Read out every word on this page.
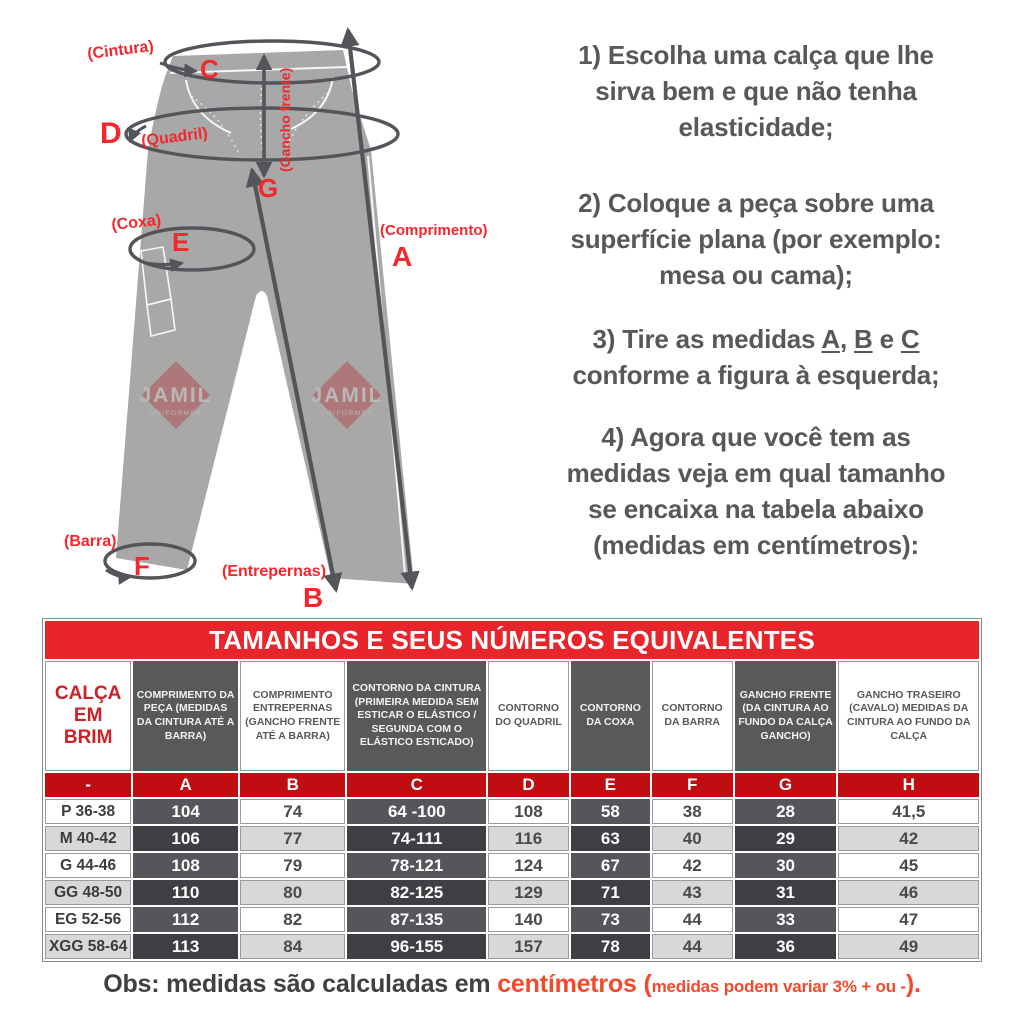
JAMIL
UNIFORMES
JAMIL
UNIFORMES
(Cintura)
C
D (Quadril)
(Coxa)
E
(Barra)
F
(Comprimento)
A
(Entrepernas)
B
(Gancho frente)
G
1) Escolha uma calça que lhe
sirva bem e que não tenha
elasticidade;
2) Coloque a peça sobre uma
superfície plana (por exemplo:
mesa ou cama);
3) Tire as medidas A, B e C
conforme a figura à esquerda;
4) Agora que você tem as
medidas veja em qual tamanho
se encaixa na tabela abaixo
(medidas em centímetros):
TAMANHOS E SEUS NÚMEROS EQUIVALENTES								
CALÇA EM BRIM	COMPRIMENTO DA PEÇA (MEDIDAS DA CINTURA ATÉ A BARRA)	COMPRIMENTO ENTREPERNAS (GANCHO FRENTE ATÉ A BARRA)	CONTORNO DA CINTURA (PRIMEIRA MEDIDA SEM ESTICAR O ELÁSTICO / SEGUNDA COM O ELÁSTICO ESTICADO)	CONTORNO DO QUADRIL	CONTORNO DA COXA	CONTORNO DA BARRA	GANCHO FRENTE (DA CINTURA AO FUNDO DA CALÇA GANCHO)	GANCHO TRASEIRO (CAVALO) MEDIDAS DA CINTURA AO FUNDO DA CALÇA
-	A	B	C	D	E	F	G	H
P 36-38	104	74	64 -100	108	58	38	28	41,5
M 40-42	106	77	74-111	116	63	40	29	42
G 44-46	108	79	78-121	124	67	42	30	45
GG 48-50	110	80	82-125	129	71	43	31	46
EG 52-56	112	82	87-135	140	73	44	33	47
XGG 58-64	113	84	96-155	157	78	44	36	49
Obs: medidas são calculadas em centímetros (medidas podem variar 3% + ou -).
